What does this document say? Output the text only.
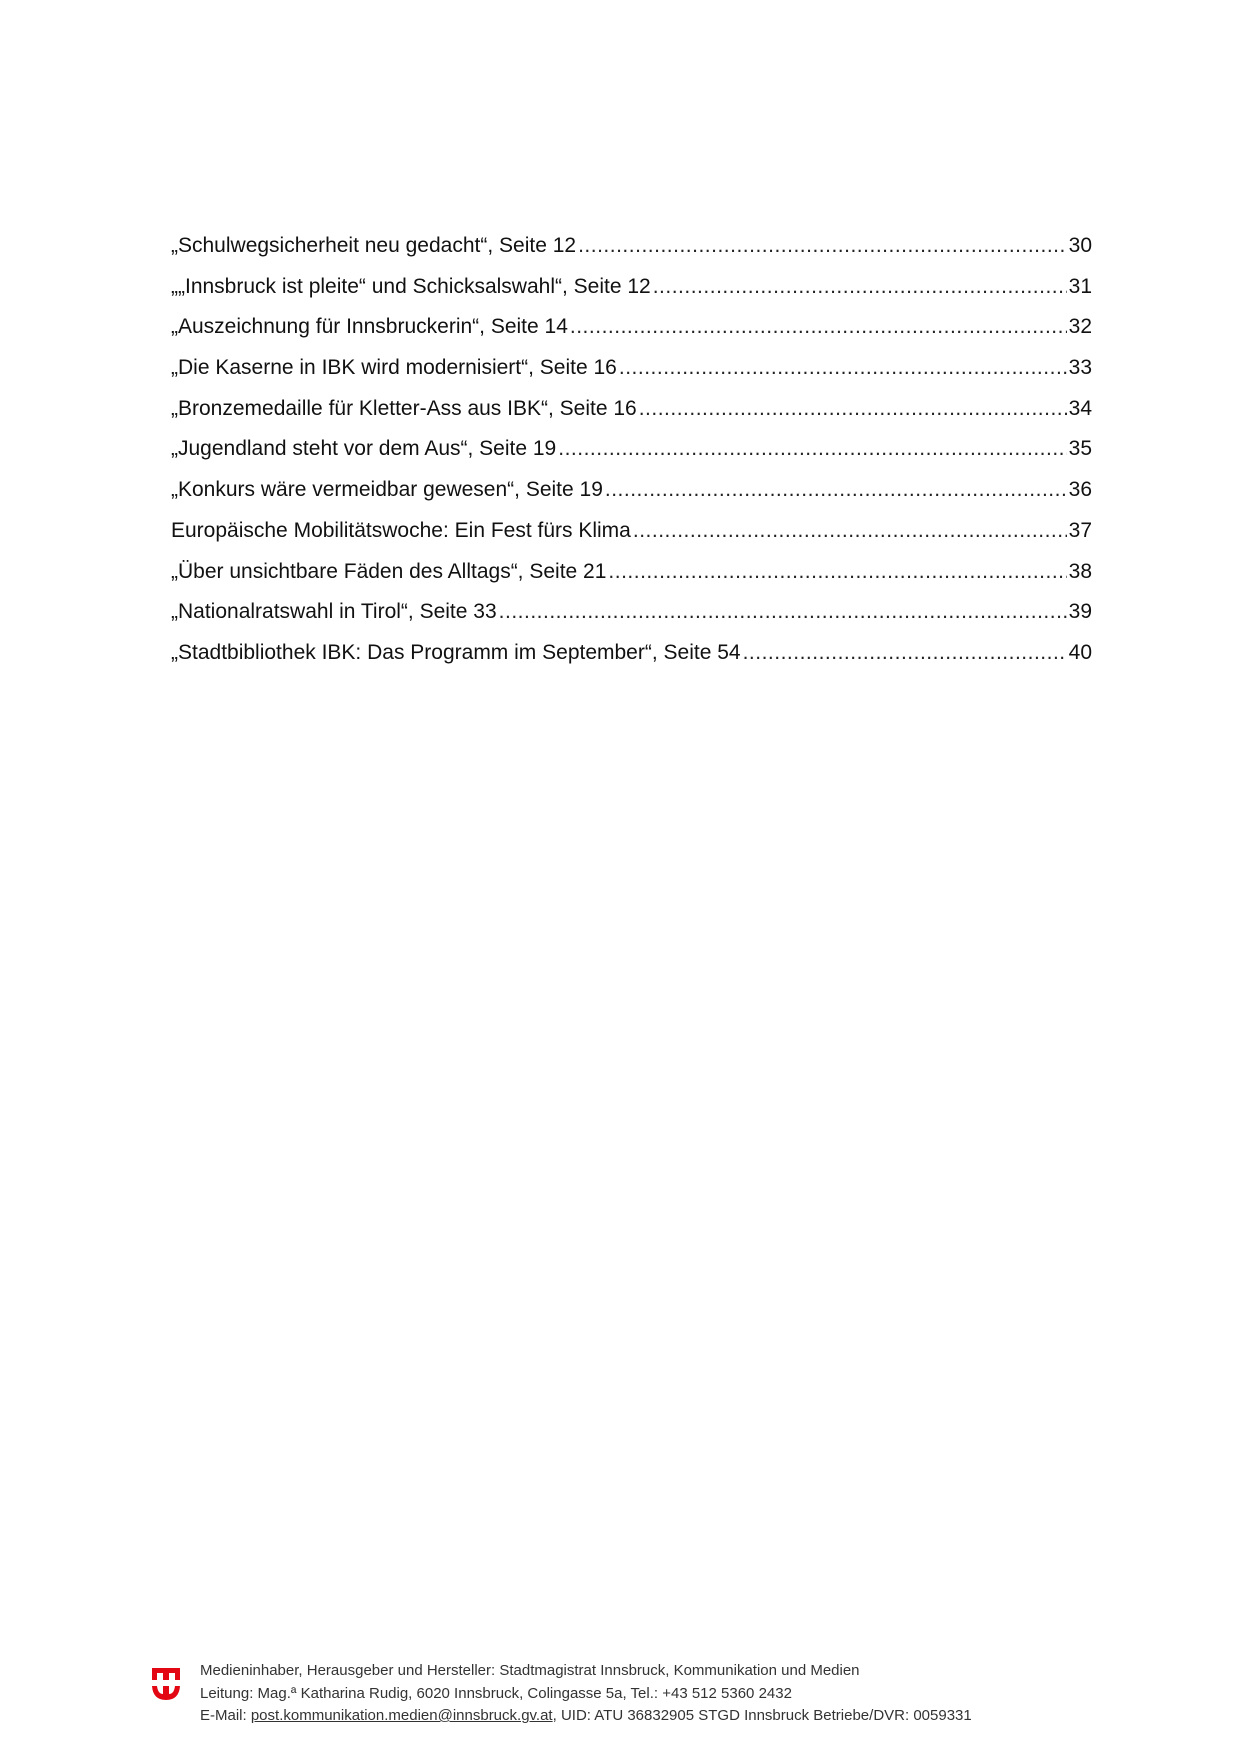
„Schulwegsicherheit neu gedacht“, Seite 12 .....	30
„„Innsbruck ist pleite“ und Schicksalswahl“, Seite 12 .....	31
„Auszeichnung für Innsbruckerin“, Seite 14 .....	32
„Die Kaserne in IBK wird modernisiert“, Seite 16 .....	33
„Bronzemedaille für Kletter-Ass aus IBK“, Seite 16 .....	34
„Jugendland steht vor dem Aus“, Seite 19 .....	35
„Konkurs wäre vermeidbar gewesen“, Seite 19 .....	36
Europäische Mobilitätswoche: Ein Fest fürs Klima .....	37
„Über unsichtbare Fäden des Alltags“, Seite 21 .....	38
„Nationalratswahl in Tirol“, Seite 33 .....	39
„Stadtbibliothek IBK: Das Programm im September“, Seite 54 .....	40
Medieninhaber, Herausgeber und Hersteller: Stadtmagistrat Innsbruck, Kommunikation und Medien
Leitung: Mag.ª Katharina Rudig, 6020 Innsbruck, Colingasse 5a, Tel.: +43 512 5360 2432
E-Mail: post.kommunikation.medien@innsbruck.gv.at, UID: ATU 36832905 STGD Innsbruck Betriebe/DVR: 0059331
